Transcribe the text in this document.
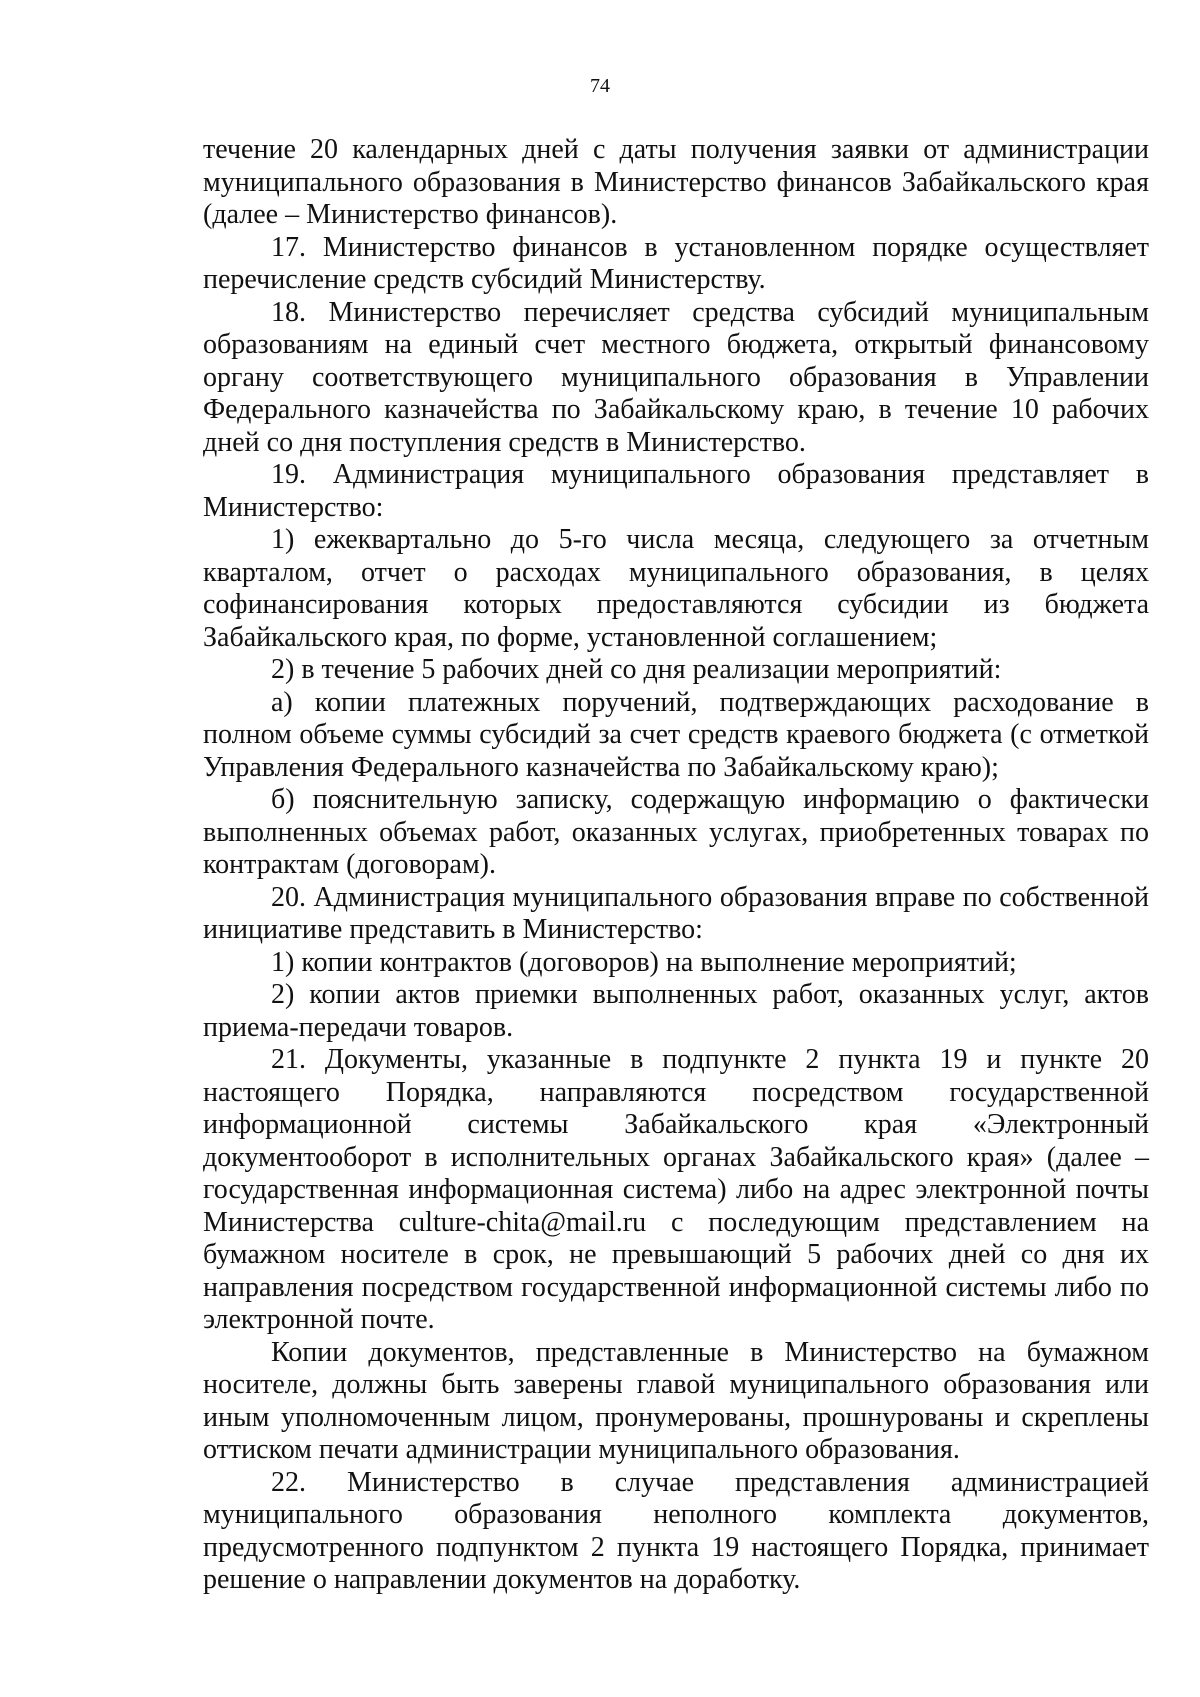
74

течение 20 календарных дней с даты получения заявки от администрации муниципального образования в Министерство финансов Забайкальского края (далее – Министерство финансов).

17. Министерство финансов в установленном порядке осуществляет перечисление средств субсидий Министерству.

18. Министерство перечисляет средства субсидий муниципальным образованиям на единый счет местного бюджета, открытый финансовому органу соответствующего муниципального образования в Управлении Федерального казначейства по Забайкальскому краю, в течение 10 рабочих дней со дня поступления средств в Министерство.

19. Администрация муниципального образования представляет в Министерство:

1) ежеквартально до 5-го числа месяца, следующего за отчетным кварталом, отчет о расходах муниципального образования, в целях софинансирования которых предоставляются субсидии из бюджета Забайкальского края, по форме, установленной соглашением;

2) в течение 5 рабочих дней со дня реализации мероприятий:

а) копии платежных поручений, подтверждающих расходование в полном объеме суммы субсидий за счет средств краевого бюджета (с отметкой Управления Федерального казначейства по Забайкальскому краю);

б) пояснительную записку, содержащую информацию о фактически выполненных объемах работ, оказанных услугах, приобретенных товарах по контрактам (договорам).

20. Администрация муниципального образования вправе по собственной инициативе представить в Министерство:

1) копии контрактов (договоров) на выполнение мероприятий;

2) копии актов приемки выполненных работ, оказанных услуг, актов приема-передачи товаров.

21. Документы, указанные в подпункте 2 пункта 19 и пункте 20 настоящего Порядка, направляются посредством государственной информационной системы Забайкальского края «Электронный документооборот в исполнительных органах Забайкальского края» (далее – государственная информационная система) либо на адрес электронной почты Министерства culture-chita@mail.ru с последующим представлением на бумажном носителе в срок, не превышающий 5 рабочих дней со дня их направления посредством государственной информационной системы либо по электронной почте.

Копии документов, представленные в Министерство на бумажном носителе, должны быть заверены главой муниципального образования или иным уполномоченным лицом, пронумерованы, прошнурованы и скреплены оттиском печати администрации муниципального образования.

22. Министерство в случае представления администрацией муниципального образования неполного комплекта документов, предусмотренного подпунктом 2 пункта 19 настоящего Порядка, принимает решение о направлении документов на доработку.
